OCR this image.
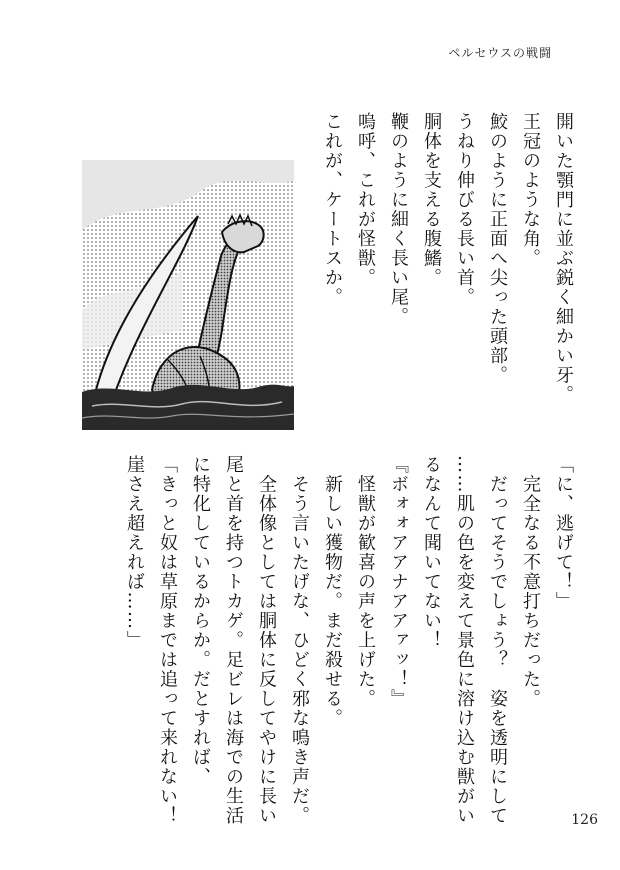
ペルセウスの戦闘

開いた顎門に並ぶ鋭く細かい牙。

王冠のような角。

鮫のように正面へ尖った頭部。

うねり伸びる長い首。

胴体を支える腹鰭。

鞭のように細く長い尾。

嗚呼、これが怪獣。

これが、ケートスか。

「に、逃げて！」

　完全なる不意打ちだった。

　だってそうでしょう？　姿を透明にして

……肌の色を変えて景色に溶け込む獣がい

るなんて聞いてない！

『ボォォアアナアアァッ！』

　怪獣が歓喜の声を上げた。

　新しい獲物だ。まだ殺せる。

　そう言いたげな、ひどく邪な鳴き声だ。

　全体像としては胴体に反してやけに長い

尾と首を持つトカゲ。足ビレは海での生活

に特化しているからか。だとすれば、

「きっと奴は草原までは追って来れない！

崖さえ超えれば……」

126
